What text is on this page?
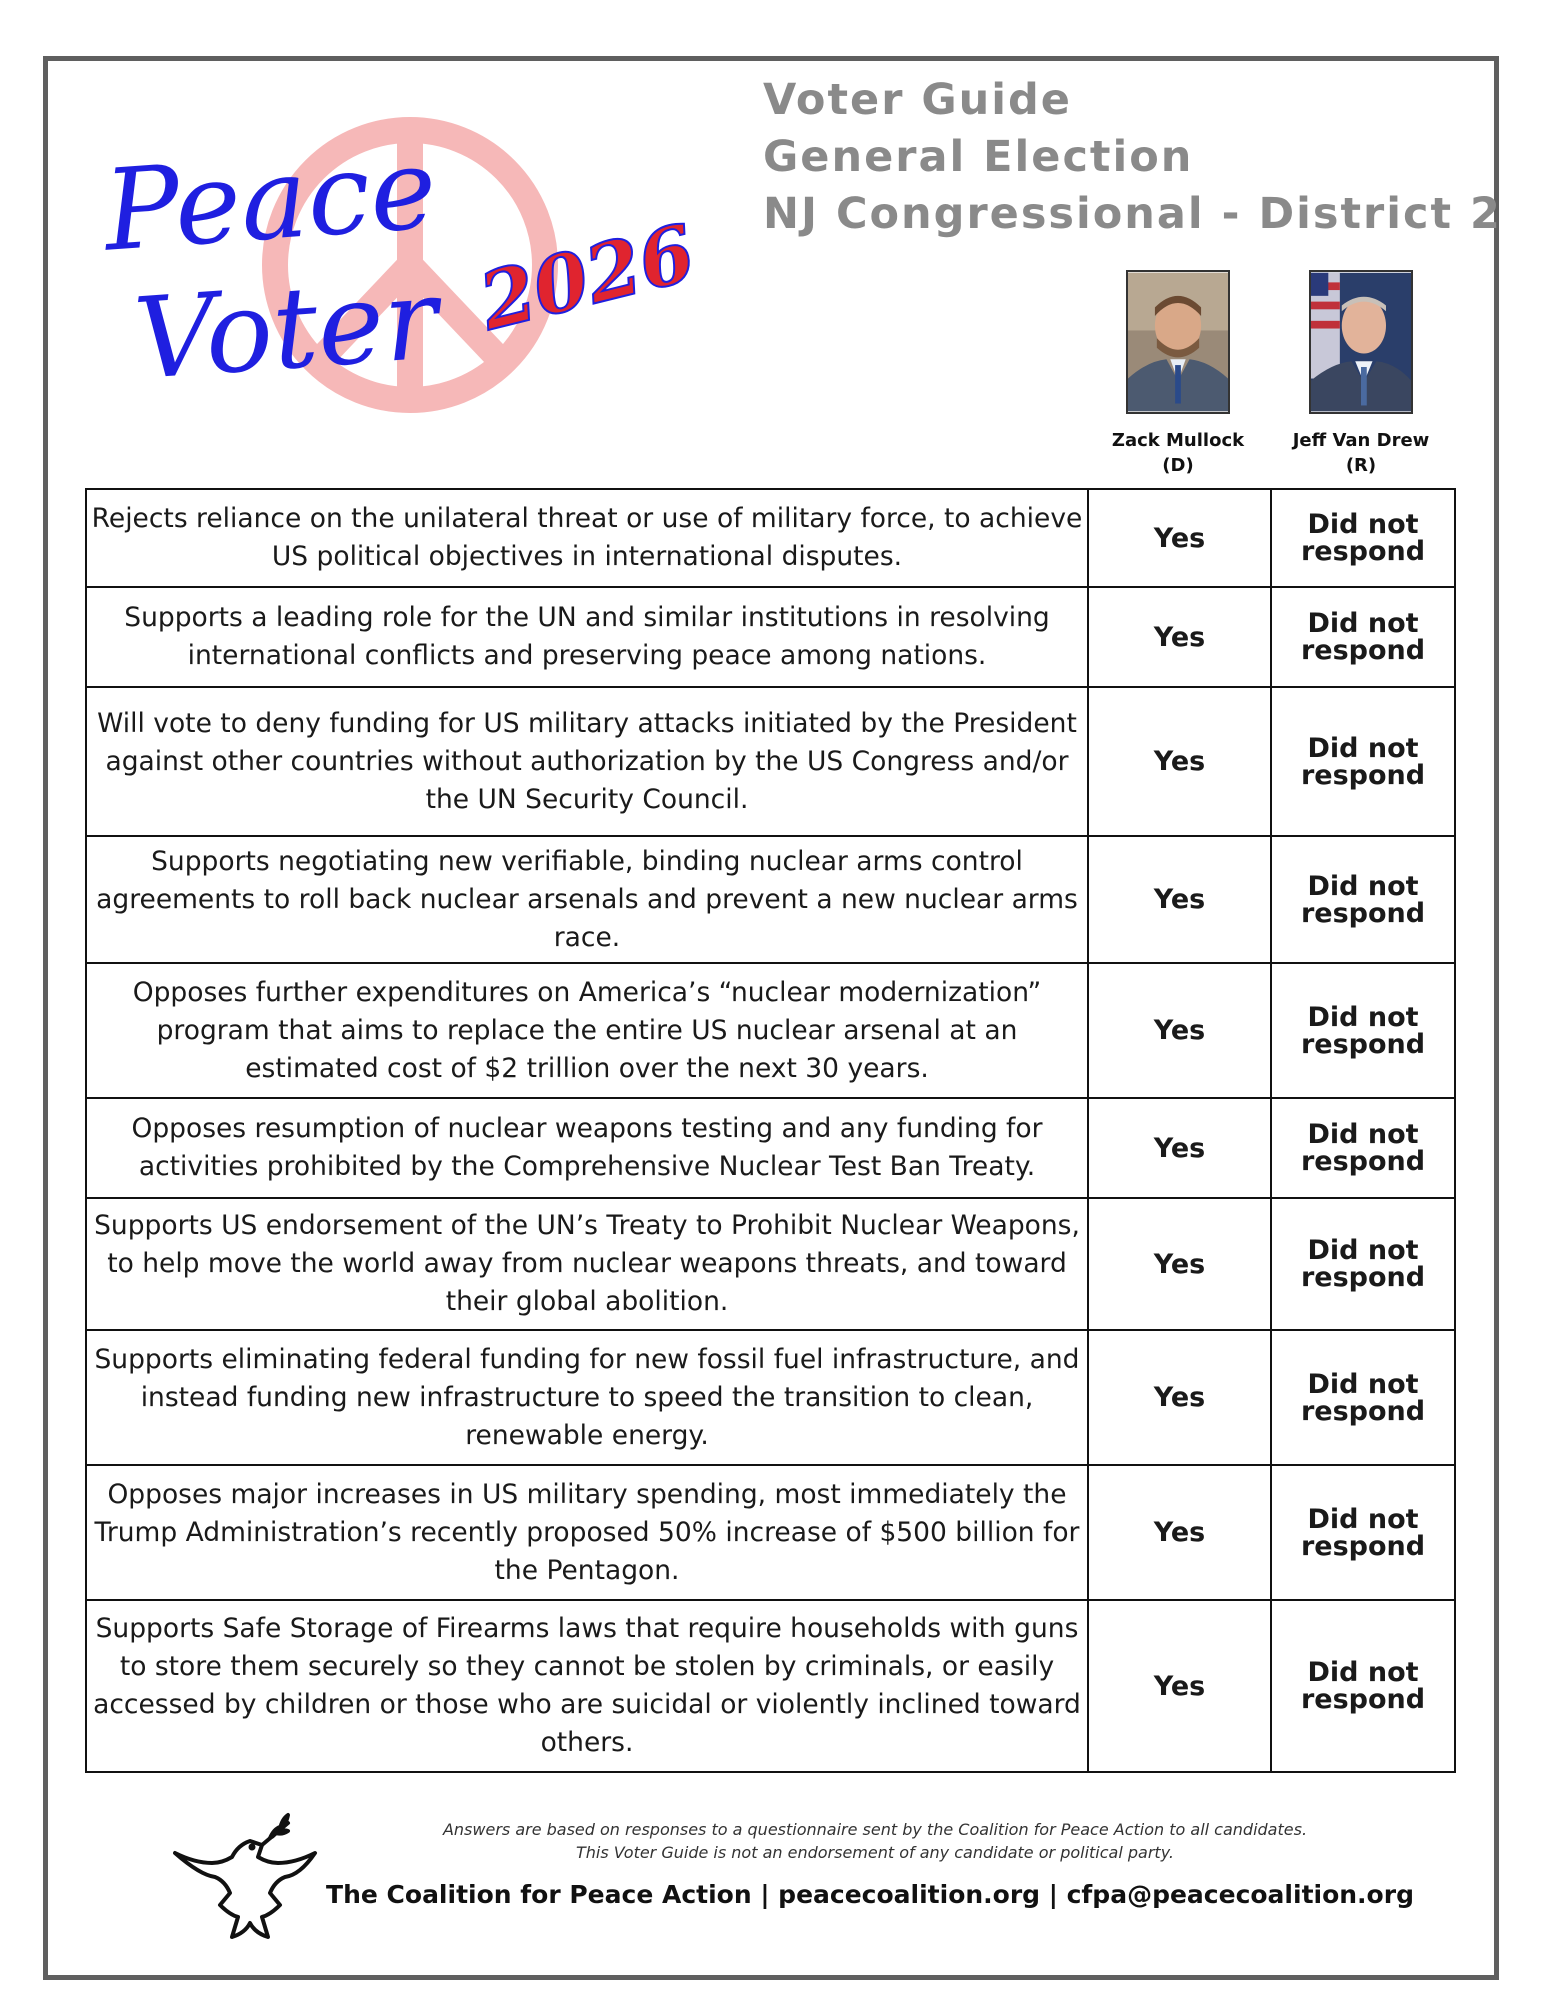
Peace
Voter 2026
Voter Guide
General Election
NJ Congressional - District 2
Zack Mullock
(D)
Jeff Van Drew
(R)
Rejects reliance on the unilateral threat or use of military force, to achieve US political objectives in international disputes.	Yes	Did not respond
Supports a leading role for the UN and similar institutions in resolving international conflicts and preserving peace among nations.	Yes	Did not respond
Will vote to deny funding for US military attacks initiated by the President against other countries without authorization by the US Congress and/or the UN Security Council.	Yes	Did not respond
Supports negotiating new verifiable, binding nuclear arms control agreements to roll back nuclear arsenals and prevent a new nuclear arms race.	Yes	Did not respond
Opposes further expenditures on America’s “nuclear modernization” program that aims to replace the entire US nuclear arsenal at an estimated cost of $2 trillion over the next 30 years.	Yes	Did not respond
Opposes resumption of nuclear weapons testing and any funding for activities prohibited by the Comprehensive Nuclear Test Ban Treaty.	Yes	Did not respond
Supports US endorsement of the UN’s Treaty to Prohibit Nuclear Weapons, to help move the world away from nuclear weapons threats, and toward their global abolition.	Yes	Did not respond
Supports eliminating federal funding for new fossil fuel infrastructure, and instead funding new infrastructure to speed the transition to clean, renewable energy.	Yes	Did not respond
Opposes major increases in US military spending, most immediately the Trump Administration’s recently proposed 50% increase of $500 billion for the Pentagon.	Yes	Did not respond
Supports Safe Storage of Firearms laws that require households with guns to store them securely so they cannot be stolen by criminals, or easily accessed by children or those who are suicidal or violently inclined toward others.	Yes	Did not respond
Answers are based on responses to a questionnaire sent by the Coalition for Peace Action to all candidates. This Voter Guide is not an endorsement of any candidate or political party.
The Coalition for Peace Action | peacecoalition.org | cfpa@peacecoalition.org
